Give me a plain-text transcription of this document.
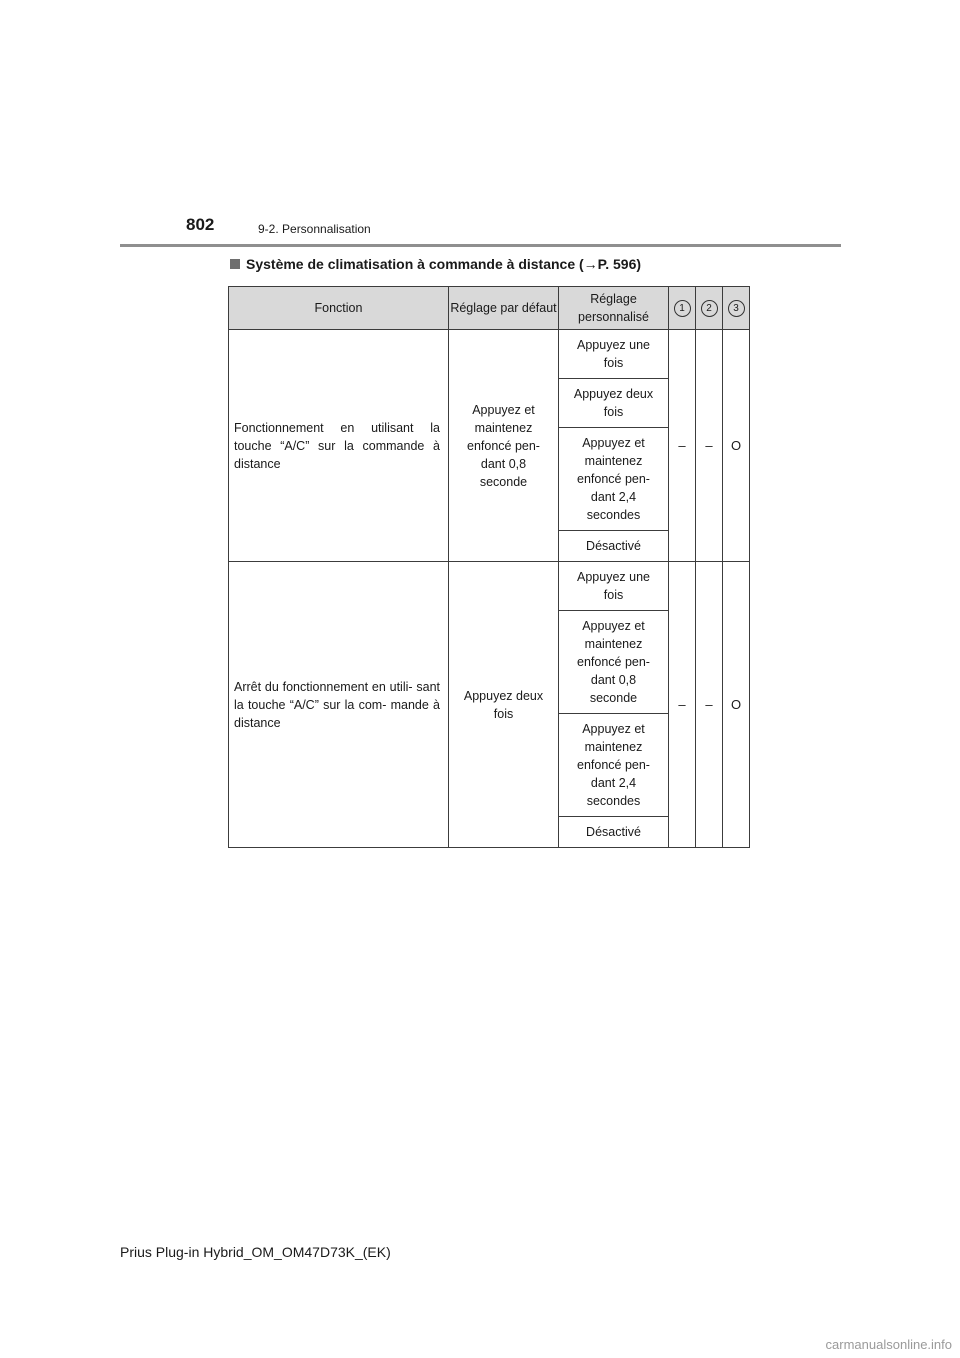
802	9-2. Personnalisation
Système de climatisation à commande à distance (→P. 596)
Fonction	Réglage par défaut	Réglage personnalisé	1	2	3
Fonctionnement en utilisant la touche “A/C” sur la commande à distance	Appuyez et maintenez enfoncé pen- dant 0,8 seconde	Appuyez une fois	–	–	O
		Appuyez deux fois			
		Appuyez et maintenez enfoncé pen- dant 2,4 secondes			
		Désactivé			
Arrêt du fonctionnement en utili- sant la touche “A/C” sur la com- mande à distance	Appuyez deux fois	Appuyez une fois	–	–	O
		Appuyez et maintenez enfoncé pen- dant 0,8 seconde			
		Appuyez et maintenez enfoncé pen- dant 2,4 secondes			
		Désactivé			
Prius Plug-in Hybrid_OM_OM47D73K_(EK)
carmanualsonline.info
